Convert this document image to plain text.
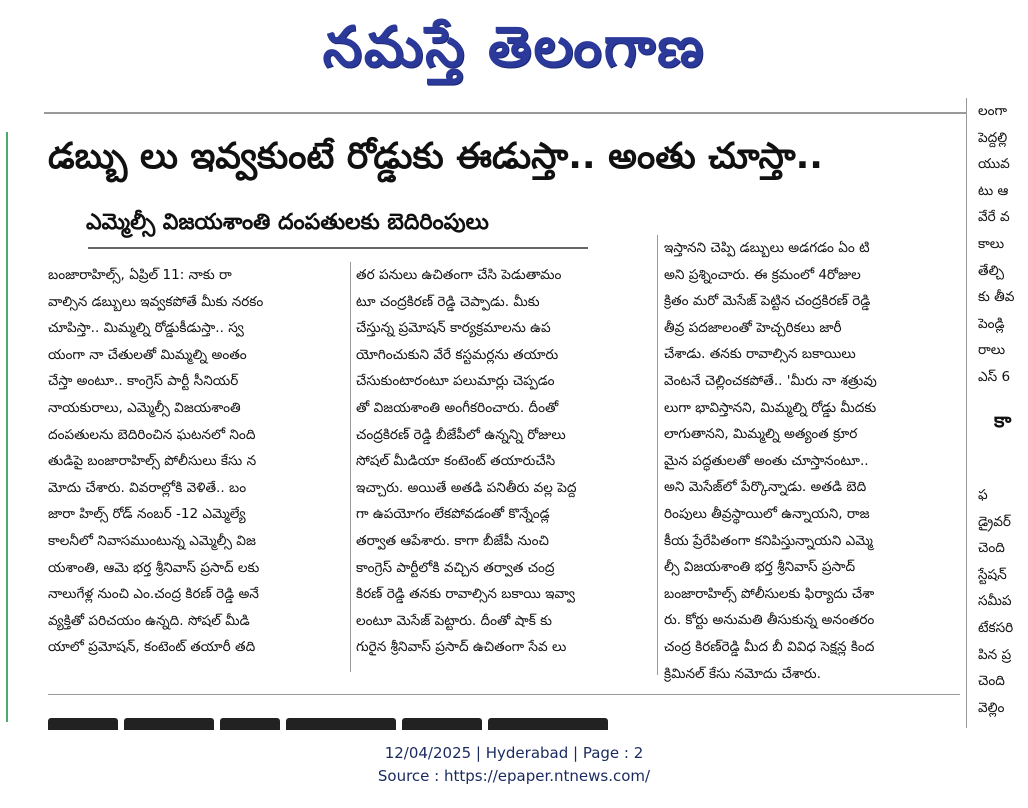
నమస్తే తెలంగాణ
డబ్బు లు ఇవ్వకుంటే రోడ్డుకు ఈడుస్తా.. అంతు చూస్తా..
ఎమ్మెల్సీ విజయశాంతి దంపతులకు బెదిరింపులు
బంజారాహిల్స్, ఏప్రిల్ 11: నాకు రా
వాల్సిన డబ్బులు ఇవ్వకపోతే మీకు నరకం
చూపిస్తా.. మిమ్మల్ని రోడ్డుకీడుస్తా.. స్వ
యంగా నా చేతులతో మిమ్మల్ని అంతం
చేస్తా అంటూ.. కాంగ్రెస్ పార్టీ సీనియర్
నాయకురాలు, ఎమ్మెల్సీ విజయశాంతి
దంపతులను బెదిరించిన ఘటనలో నింది
తుడిపై బంజారాహిల్స్ పోలీసులు కేసు న
మోదు చేశారు. వివరాల్లోకి వెళితే.. బం
జారా హిల్స్ రోడ్ నంబర్ -12 ఎమ్మెల్యే
కాలనీలో నివాసముంటున్న ఎమ్మెల్సీ విజ
యశాంతి, ఆమె భర్త శ్రీనివాస్ ప్రసాద్ లకు
నాలుగేళ్ల నుంచి ఎం.చంద్ర కిరణ్ రెడ్డి అనే
వ్యక్తితో పరిచయం ఉన్నది. సోషల్ మీడి
యాలో ప్రమోషన్, కంటెంట్ తయారీ తది
తర పనులు ఉచితంగా చేసి పెడుతామం
టూ చంద్రకిరణ్ రెడ్డి చెప్పాడు. మీకు
చేస్తున్న ప్రమోషన్ కార్యక్రమాలను ఉప
యోగించుకుని వేరే కస్టమర్లను తయారు
చేసుకుంటారంటూ పలుమార్లు చెప్పడం
తో విజయశాంతి అంగీకరించారు. దీంతో
చంద్రకిరణ్ రెడ్డి బీజేపీలో ఉన్నన్ని రోజులు
సోషల్ మీడియా కంటెంట్ తయారుచేసి
ఇచ్చారు. అయితే అతడి పనితీరు వల్ల పెద్ద
గా ఉపయోగం లేకపోవడంతో కొన్నేండ్ల
తర్వాత ఆపేశారు. కాగా బీజేపీ నుంచి
కాంగ్రెస్ పార్టీలోకి వచ్చిన తర్వాత చంద్ర
కిరణ్ రెడ్డి తనకు రావాల్సిన బకాయి ఇవ్వా
లంటూ మెసేజ్ పెట్టారు. దీంతో షాక్ కు
గురైన శ్రీనివాస్ ప్రసాద్ ఉచితంగా సేవ లు
ఇస్తానని చెప్పి డబ్బులు అడగడం ఏం టి
అని ప్రశ్నించారు. ఈ క్రమంలో 4రోజుల
క్రితం మరో మెసేజ్ పెట్టిన చంద్రకిరణ్ రెడ్డి
తీవ్ర పదజాలంతో హెచ్చరికలు జారీ
చేశాడు. తనకు రావాల్సిన బకాయిలు
వెంటనే చెల్లించకపోతే.. 'మీరు నా శత్రువు
లుగా భావిస్తానని, మిమ్మల్ని రోడ్డు మీదకు
లాగుతానని, మిమ్మల్ని అత్యంత క్రూర
మైన పద్ధతులతో అంతు చూస్తానంటూ..
అని మెసేజ్‌లో పేర్కొన్నాడు. అతడి బెది
రింపులు తీవ్రస్థాయిలో ఉన్నాయని, రాజ
కీయ ప్రేరేపితంగా కనిపిస్తున్నాయని ఎమ్మె
ల్సీ విజయశాంతి భర్త శ్రీనివాస్ ప్రసాద్
బంజారాహిల్స్ పోలీసులకు ఫిర్యాదు చేశా
రు. కోర్టు అనుమతి తీసుకున్న అనంతరం
చంద్ర కిరణ్‌రెడ్డి మీద బీ వివిధ సెక్షన్ల కింద
క్రిమినల్ కేసు నమోదు చేశారు.
లంగా
పెద్దల్లి
యువ
టు ఆ
వేరే వ
కాలు
తేల్చి
కు తీవ
పెండ్లి
రాలు
ఎస్ 6
కా
ఫ
డ్రైవర్
చెంది
స్టేషన్
సమీప
టేకసరి
పిన ప్ర
చెంది
వెల్లిం
12/04/2025 | Hyderabad | Page : 2
Source : https://epaper.ntnews.com/
